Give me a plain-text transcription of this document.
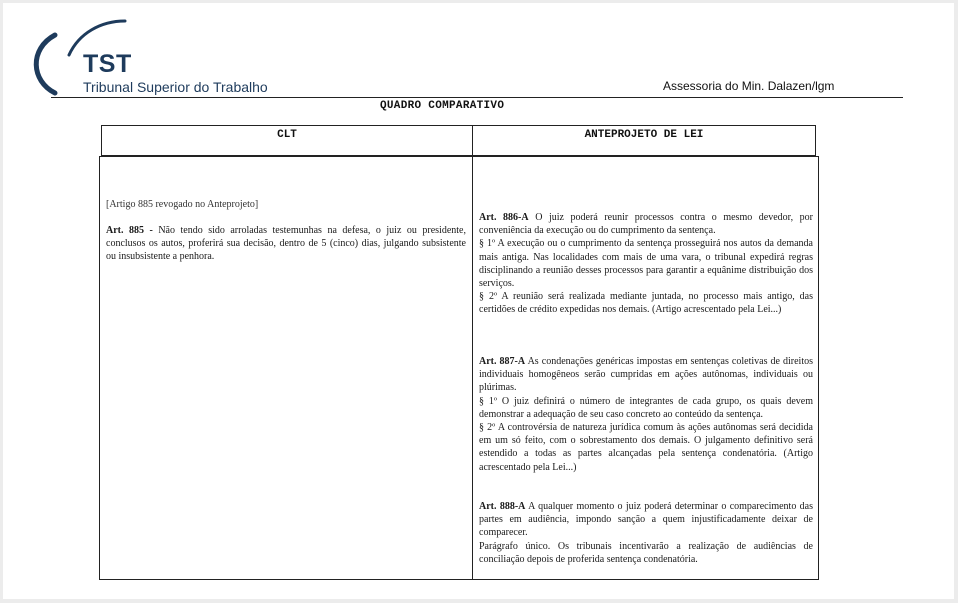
TST
Tribunal Superior do Trabalho	Assessoria do Min. Dalazen/lgm
QUADRO COMPARATIVO
CLT	ANTEPROJETO DE LEI

[Artigo 885 revogado no Anteprojeto]

Art. 885 - Não tendo sido arroladas testemunhas na defesa, o juiz ou presidente, conclusos os autos, proferirá sua decisão, dentro de 5 (cinco) dias, julgando subsistente ou insubsistente a penhora.

Art. 886-A O juiz poderá reunir processos contra o mesmo devedor, por conveniência da execução ou do cumprimento da sentença.

§ 1º A execução ou o cumprimento da sentença prosseguirá nos autos da demanda mais antiga. Nas localidades com mais de uma vara, o tribunal expedirá regras disciplinando a reunião desses processos para garantir a equânime distribuição dos serviços.

§ 2º A reunião será realizada mediante juntada, no processo mais antigo, das certidões de crédito expedidas nos demais. (Artigo acrescentado pela Lei...)

Art. 887-A As condenações genéricas impostas em sentenças coletivas de direitos individuais homogêneos serão cumpridas em ações autônomas, individuais ou plúrimas.

§ 1º O juiz definirá o número de integrantes de cada grupo, os quais devem demonstrar a adequação de seu caso concreto ao conteúdo da sentença.

§ 2º A controvérsia de natureza jurídica comum às ações autônomas será decidida em um só feito, com o sobrestamento dos demais. O julgamento definitivo será estendido a todas as partes alcançadas pela sentença condenatória. (Artigo acrescentado pela Lei...)

Art. 888-A A qualquer momento o juiz poderá determinar o comparecimento das partes em audiência, impondo sanção a quem injustificadamente deixar de comparecer.

Parágrafo único. Os tribunais incentivarão a realização de audiências de conciliação depois de proferida sentença condenatória.
